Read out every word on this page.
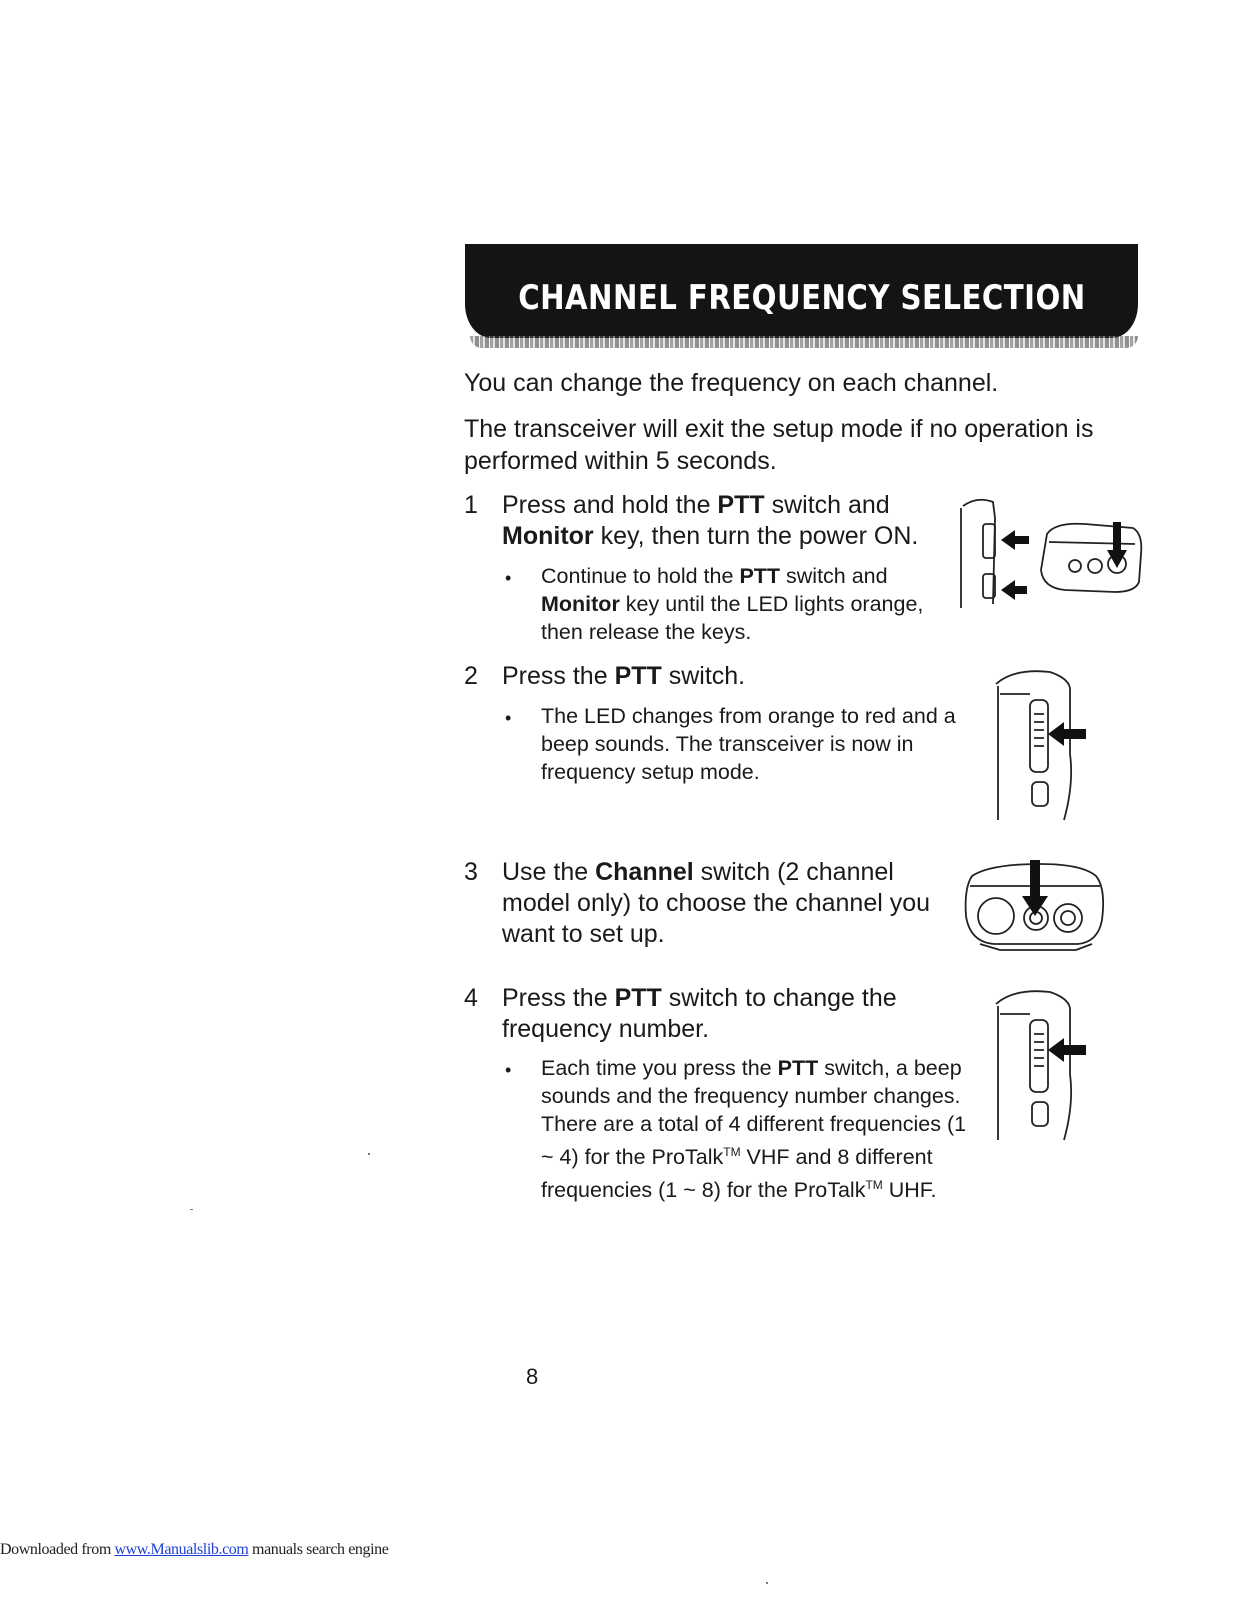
CHANNEL FREQUENCY SELECTION
You can change the frequency on each channel.
The transceiver will exit the setup mode if no operation is performed within 5 seconds.
1 Press and hold the PTT switch and
Monitor key, then turn the power ON.
• Continue to hold the PTT switch and Monitor key until the LED lights orange, then release the keys.
2 Press the PTT switch.
• The LED changes from orange to red and a beep sounds. The transceiver is now in frequency setup mode.
3 Use the Channel switch (2 channel model only) to choose the channel you want to set up.
4 Press the PTT switch to change the frequency number.
• Each time you press the PTT switch, a beep sounds and the frequency number changes. There are a total of 4 different frequencies (1 ~ 4) for the ProTalk™ VHF and 8 different frequencies (1 ~ 8) for the ProTalk™ UHF.
8
Downloaded from www.Manualslib.com manuals search engine
